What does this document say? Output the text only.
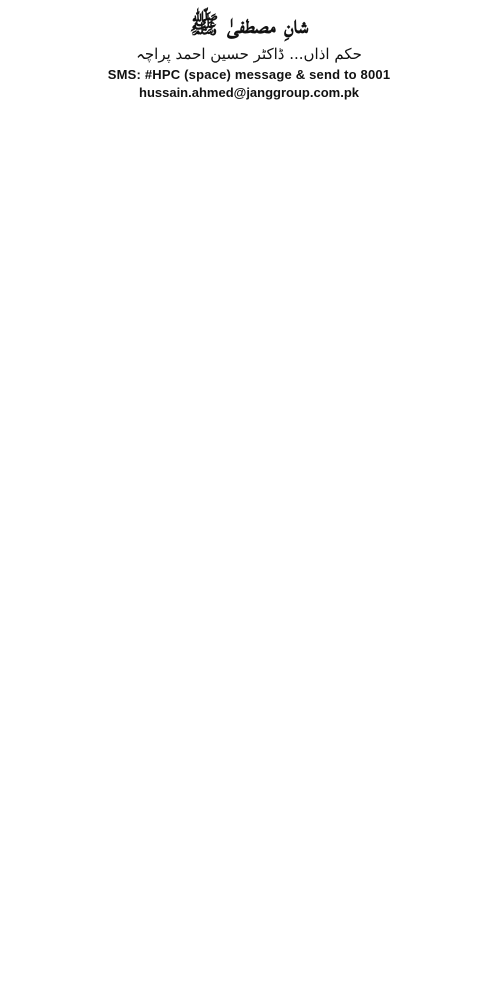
شانِ مصطفیٰ ﷺ
حکم اذاں... ڈاکٹر حسین احمد پراچہ
SMS: #HPC (space) message & send to 8001
hussain.ahmed@janggroup.com.pk
